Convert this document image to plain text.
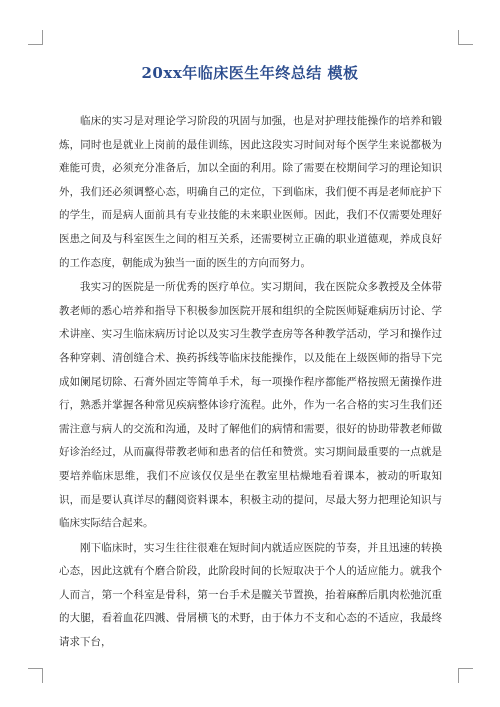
20xx年临床医生年终总结 模板

临床的实习是对理论学习阶段的巩固与加强，也是对护理技能操作的培养和锻炼，同时也是就业上岗前的最佳训练，因此这段实习时间对每个医学生来说都极为难能可贵，必须充分准备后，加以全面的利用。除了需要在校期间学习的理论知识外，我们还必须调整心态，明确自己的定位，下到临床，我们便不再是老师庇护下的学生，而是病人面前具有专业技能的未来职业医师。因此，我们不仅需要处理好医患之间及与科室医生之间的相互关系，还需要树立正确的职业道德观，养成良好的工作态度，朝能成为独当一面的医生的方向而努力。

我实习的医院是一所优秀的医疗单位。实习期间，我在医院众多教授及全体带教老师的悉心培养和指导下积极参加医院开展和组织的全院医师疑难病历讨论、学术讲座、实习生临床病历讨论以及实习生教学查房等各种教学活动，学习和操作过各种穿刺、清创缝合术、换药拆线等临床技能操作，以及能在上级医师的指导下完成如阑尾切除、石膏外固定等简单手术，每一项操作程序都能严格按照无菌操作进行，熟悉并掌握各种常见疾病整体诊疗流程。此外，作为一名合格的实习生我们还需注意与病人的交流和沟通，及时了解他们的病情和需要，很好的协助带教老师做好诊治经过，从而赢得带教老师和患者的信任和赞赏。实习期间最重要的一点就是要培养临床思维，我们不应该仅仅是坐在教室里枯燥地看着课本，被动的听取知识，而是要认真详尽的翻阅资料课本，积极主动的提问，尽最大努力把理论知识与临床实际结合起来。

刚下临床时，实习生往往很难在短时间内就适应医院的节奏，并且迅速的转换心态，因此这就有个磨合阶段，此阶段时间的长短取决于个人的适应能力。就我个人而言，第一个科室是骨科，第一台手术是髋关节置换，抬着麻醉后肌肉松弛沉重的大腿，看着血花四溅、骨屑横飞的术野，由于体力不支和心态的不适应，我最终请求下台，
